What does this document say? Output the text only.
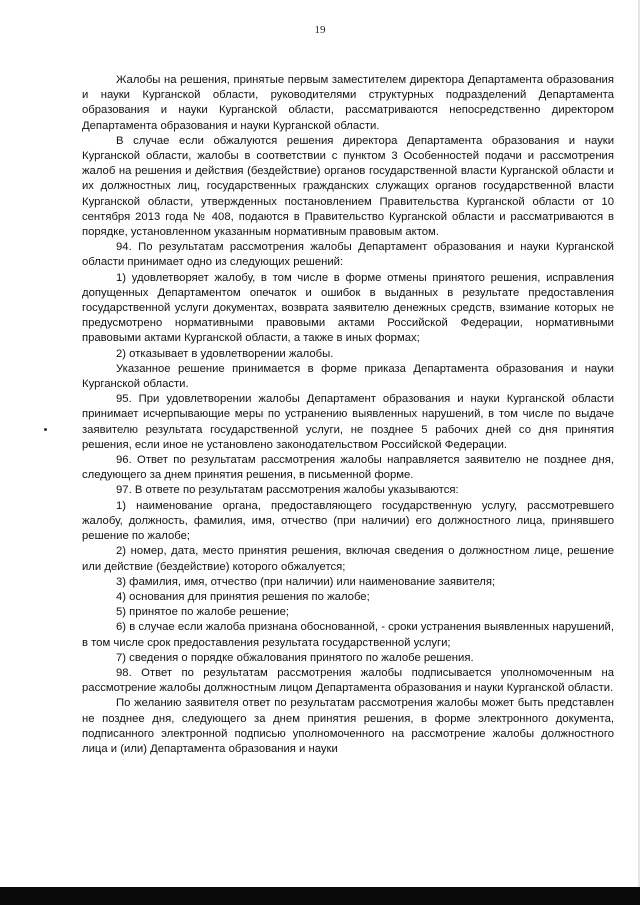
19

Жалобы на решения, принятые первым заместителем директора Департамента образования и науки Курганской области, руководителями структурных подразделений Департамента образования и науки Курганской области, рассматриваются непосредственно директором Департамента образования и науки Курганской области.

В случае если обжалуются решения директора Департамента образования и науки Курганской области, жалобы в соответствии с пунктом 3 Особенностей подачи и рассмотрения жалоб на решения и действия (бездействие) органов государственной власти Курганской области и их должностных лиц, государственных гражданских служащих органов государственной власти Курганской области, утвержденных постановлением Правительства Курганской области от 10 сентября 2013 года № 408, подаются в Правительство Курганской области и рассматриваются в порядке, установленном указанным нормативным правовым актом.

94. По результатам рассмотрения жалобы Департамент образования и науки Курганской области принимает одно из следующих решений:

1) удовлетворяет жалобу, в том числе в форме отмены принятого решения, исправления допущенных Департаментом опечаток и ошибок в выданных в результате предоставления государственной услуги документах, возврата заявителю денежных средств, взимание которых не предусмотрено нормативными правовыми актами Российской Федерации, нормативными правовыми актами Курганской области, а также в иных формах;

2) отказывает в удовлетворении жалобы.

Указанное решение принимается в форме приказа Департамента образования и науки Курганской области.

95. При удовлетворении жалобы Департамент образования и науки Курганской области принимает исчерпывающие меры по устранению выявленных нарушений, в том числе по выдаче заявителю результата государственной услуги, не позднее 5 рабочих дней со дня принятия решения, если иное не установлено законодательством Российской Федерации.

96. Ответ по результатам рассмотрения жалобы направляется заявителю не позднее дня, следующего за днем принятия решения, в письменной форме.

97. В ответе по результатам рассмотрения жалобы указываются:

1) наименование органа, предоставляющего государственную услугу, рассмотревшего жалобу, должность, фамилия, имя, отчество (при наличии) его должностного лица, принявшего решение по жалобе;

2) номер, дата, место принятия решения, включая сведения о должностном лице, решение или действие (бездействие) которого обжалуется;

3) фамилия, имя, отчество (при наличии) или наименование заявителя;

4) основания для принятия решения по жалобе;

5) принятое по жалобе решение;

6) в случае если жалоба признана обоснованной, - сроки устранения выявленных нарушений, в том числе срок предоставления результата государственной услуги;

7) сведения о порядке обжалования принятого по жалобе решения.

98. Ответ по результатам рассмотрения жалобы подписывается уполномоченным на рассмотрение жалобы должностным лицом Департамента образования и науки Курганской области.

По желанию заявителя ответ по результатам рассмотрения жалобы может быть представлен не позднее дня, следующего за днем принятия решения, в форме электронного документа, подписанного электронной подписью уполномоченного на рассмотрение жалобы должностного лица и (или) Департамента образования и науки
